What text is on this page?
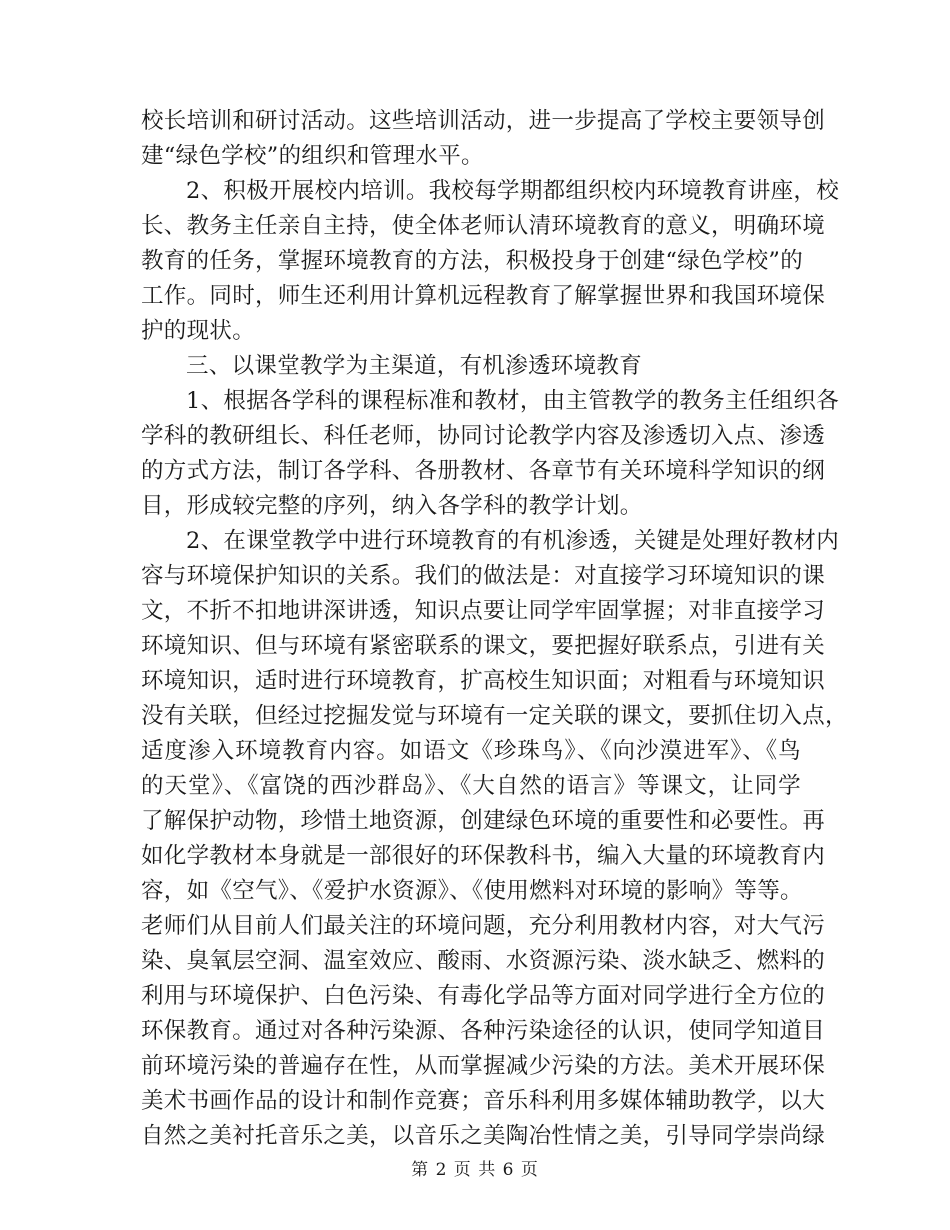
校长培训和研讨活动。这些培训活动，进一步提高了学校主要领导创
建“绿色学校”的组织和管理水平。
2、积极开展校内培训。我校每学期都组织校内环境教育讲座，校
长、教务主任亲自主持，使全体老师认清环境教育的意义，明确环境
教育的任务，掌握环境教育的方法，积极投身于创建“绿色学校”的
工作。同时，师生还利用计算机远程教育了解掌握世界和我国环境保
护的现状。
三、以课堂教学为主渠道，有机渗透环境教育
1、根据各学科的课程标准和教材，由主管教学的教务主任组织各
学科的教研组长、科任老师，协同讨论教学内容及渗透切入点、渗透
的方式方法，制订各学科、各册教材、各章节有关环境科学知识的纲
目，形成较完整的序列，纳入各学科的教学计划。
2、在课堂教学中进行环境教育的有机渗透，关键是处理好教材内
容与环境保护知识的关系。我们的做法是：对直接学习环境知识的课
文，不折不扣地讲深讲透，知识点要让同学牢固掌握；对非直接学习
环境知识、但与环境有紧密联系的课文，要把握好联系点，引进有关
环境知识，适时进行环境教育，扩高校生知识面；对粗看与环境知识
没有关联，但经过挖掘发觉与环境有一定关联的课文，要抓住切入点，
适度渗入环境教育内容。如语文《珍珠鸟》、《向沙漠进军》、《鸟
的天堂》、《富饶的西沙群岛》、《大自然的语言》等课文，让同学
了解保护动物，珍惜土地资源，创建绿色环境的重要性和必要性。再
如化学教材本身就是一部很好的环保教科书，编入大量的环境教育内
容，如《空气》、《爱护水资源》、《使用燃料对环境的影响》等等。
老师们从目前人们最关注的环境问题，充分利用教材内容，对大气污
染、臭氧层空洞、温室效应、酸雨、水资源污染、淡水缺乏、燃料的
利用与环境保护、白色污染、有毒化学品等方面对同学进行全方位的
环保教育。通过对各种污染源、各种污染途径的认识，使同学知道目
前环境污染的普遍存在性，从而掌握减少污染的方法。美术开展环保
美术书画作品的设计和制作竞赛；音乐科利用多媒体辅助教学，以大
自然之美衬托音乐之美，以音乐之美陶冶性情之美，引导同学崇尚绿
第 2 页 共 6 页
